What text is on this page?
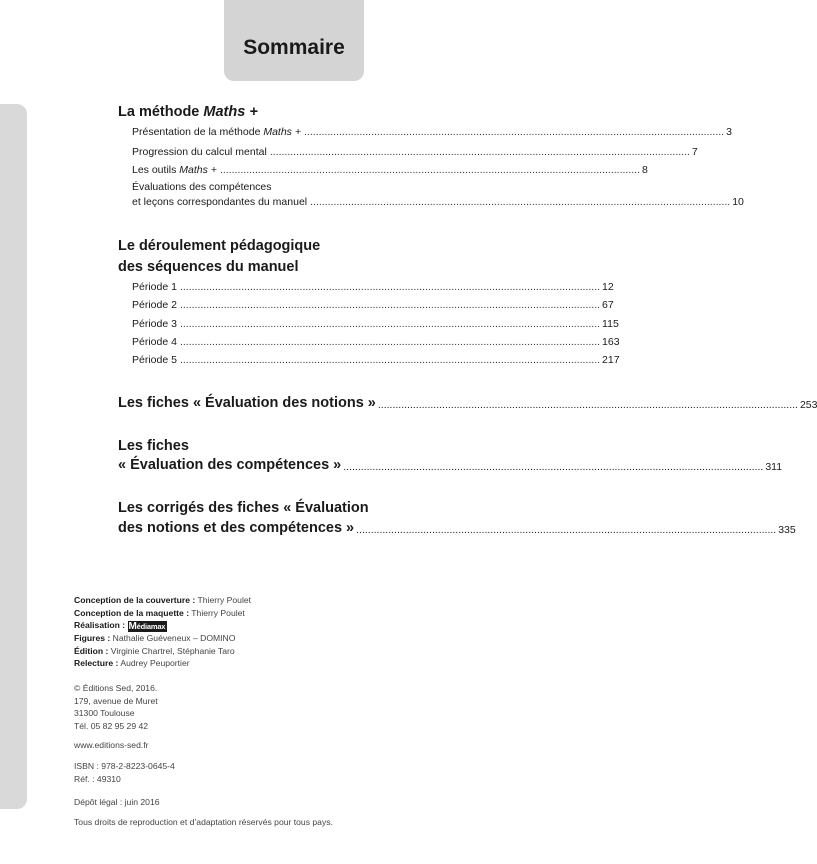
Sommaire
La méthode Maths +
Présentation de la méthode Maths + ................................................................................................................................................ 3
Progression du calcul mental ................................................................................................................................................ 7
Les outils Maths + ................................................................................................................................................ 8
Évaluations des compétences
et leçons correspondantes du manuel ................................................................................................................................................ 10
Le déroulement pédagogique
des séquences du manuel
Période 1 ................................................................................................................................................ 12
Période 2 ................................................................................................................................................ 67
Période 3 ................................................................................................................................................ 115
Période 4 ................................................................................................................................................ 163
Période 5 ................................................................................................................................................ 217
Les fiches « Évaluation des notions » ................................................................................................................................................ 253
Les fiches
« Évaluation des compétences » ................................................................................................................................................ 311
Les corrigés des fiches « Évaluation
des notions et des compétences » ................................................................................................................................................ 335
Conception de la couverture : Thierry Poulet
Conception de la maquette : Thierry Poulet
Réalisation : Médiamax
Figures : Nathalie Guéveneux – DOMINO
Édition : Virginie Chartrel, Stéphanie Taro
Relecture : Audrey Peuportier
© Éditions Sed, 2016.
179, avenue de Muret
31300 Toulouse
Tél. 05 82 95 29 42
www.editions-sed.fr
ISBN : 978-2-8223-0645-4
Réf. : 49310
Dépôt légal : juin 2016
Tous droits de reproduction et d’adaptation réservés pour tous pays.
